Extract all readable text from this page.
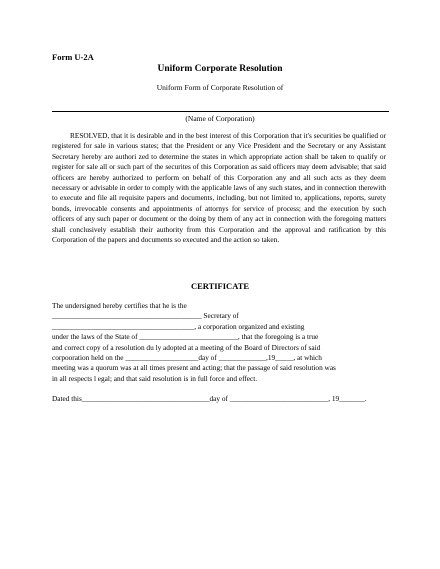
Form U-2A
Uniform Corporate Resolution
Uniform Form of Corporate Resolution of
(Name of Corporation)
RESOLVED, that it is desirable and in the best interest of this Corporation that it's securities be qualified or registered for sale in various states; that the President or any Vice President and the Secretary or any Assistant Secretary hereby are authori zed to determine the states in which appropriate action shall be taken to qualify or register for sale all or such part of the securites of this Corporation as said officers may deem advisable; that said officers are hereby authorized to perform on behalf of this Corporation any and all such acts as they deem necessary or advisable in order to comply with the applicable laws of any such states, and in connection therewith to execute and file all requisite papers and documents, including, but not limited to, applications, reports, surety bonds, irrevocable consents and appointments of attornys for service of process; and the execution by such officers of any such paper or document or the doing by them of any act in connection with the foregoing matters shall conclusively establish their authority from this Corporation and the approval and ratification by this Corporation of the papers and documents so executed and the action so taken.
CERTIFICATE

The undersigned hereby certifies that he is the

_________________________________________ Secretary of

_______________________________________, a corporation organized and existing

under the laws of the State of ___________________________, that the foregoing is a true

and correct copy of a resolution du ly adopted at a meeting of the Board of Directors of said

corpooration held on the ____________________day of _____________,19_____, at which

meeting was a quorum was at all times present and acting; that the passage of said resolution was

in all respects l egal; and that said resolution is in full force and effect.

Dated this___________________________________day of ___________________________, 19_______.
